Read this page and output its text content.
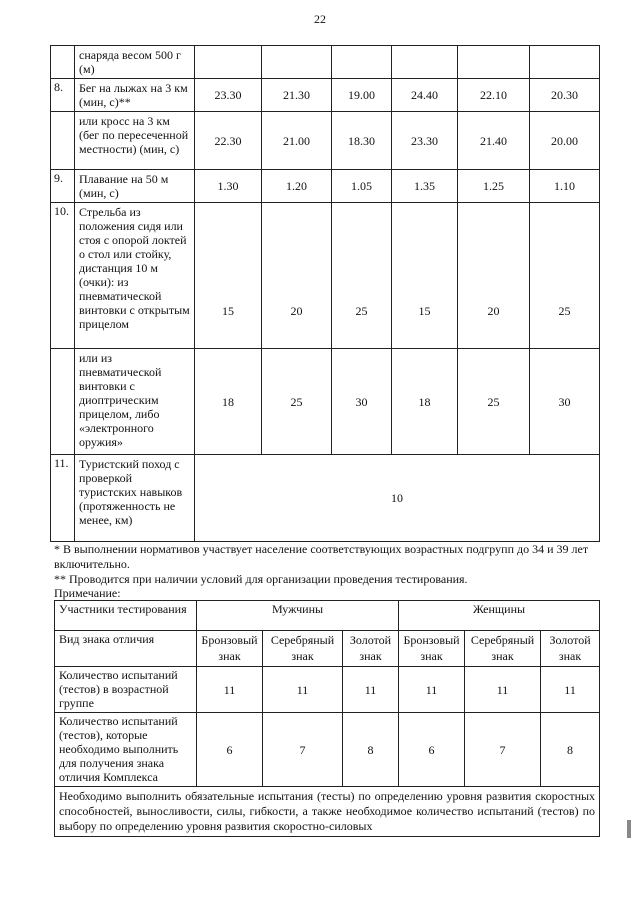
22
	снаряда весом 500 г (м)						
8.	Бег на лыжах на 3 км (мин, с)**	23.30	21.30	19.00	24.40	22.10	20.30
	или кросс на 3 км (бег по пересеченной местности) (мин, с)	22.30	21.00	18.30	23.30	21.40	20.00
9.	Плавание на 50 м (мин, с)	1.30	1.20	1.05	1.35	1.25	1.10
10.	Стрельба из положения сидя или стоя с опорой локтей о стол или стойку, дистанция 10 м (очки): из пневматической винтовки с открытым прицелом	15	20	25	15	20	25
	или из пневматической винтовки с диоптрическим прицелом, либо «электронного оружия»	18	25	30	18	25	30
11.	Туристский поход с проверкой туристских навыков (протяженность не менее, км)	10					
* В выполнении нормативов участвует население соответствующих возрастных подгрупп до 34 и 39 лет включительно.
** Проводится при наличии условий для организации проведения тестирования.
Примечание:
Участники тестирования	Мужчины			Женщины		
Вид знака отличия	Бронзовый знак	Серебряный знак	Золотой знак	Бронзовый знак	Серебряный знак	Золотой знак
Количество испытаний (тестов) в возрастной группе	11	11	11	11	11	11
Количество испытаний (тестов), которые необходимо выполнить для получения знака отличия Комплекса	6	7	8	6	7	8
Необходимо выполнить обязательные испытания (тесты) по определению уровня развития скоростных способностей, выносливости, силы, гибкости, а также необходимое количество испытаний (тестов) по выбору по определению уровня развития скоростно-силовых						
